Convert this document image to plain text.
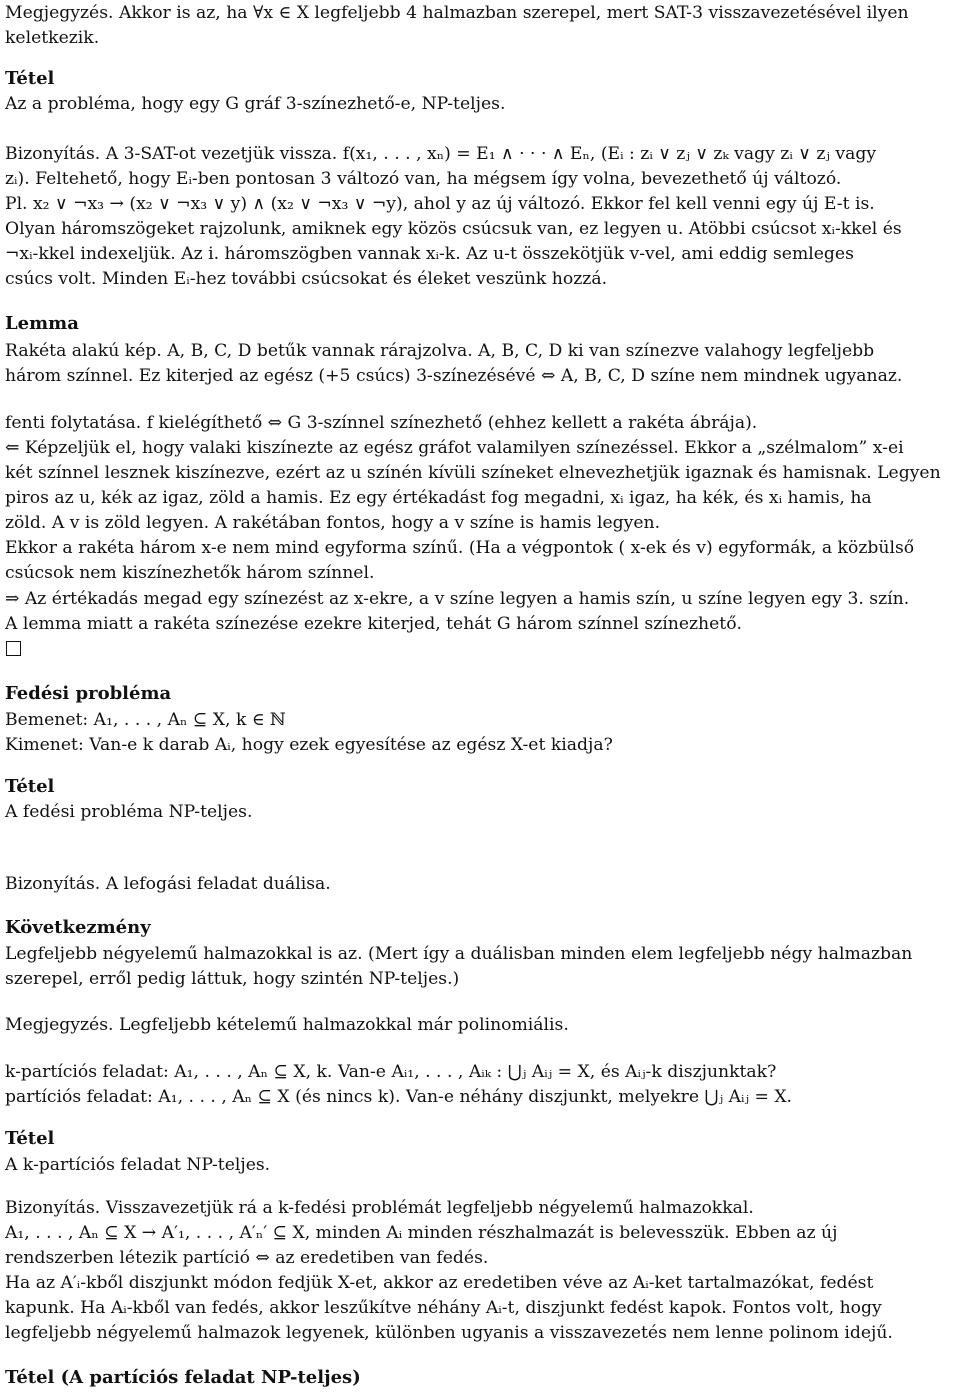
Megjegyzés. Akkor is az, ha ∀x ∈ X legfeljebb 4 halmazban szerepel, mert SAT-3 visszavezetésével ilyen
keletkezik.
Tétel
Az a probléma, hogy egy G gráf 3-színezhető-e, NP-teljes.
Bizonyítás. A 3-SAT-ot vezetjük vissza. f(x₁, . . . , xₙ) = E₁ ∧ · · · ∧ Eₙ, (Eᵢ : zᵢ ∨ zⱼ ∨ zₖ vagy zᵢ ∨ zⱼ vagy
zᵢ). Feltehető, hogy Eᵢ-ben pontosan 3 változó van, ha mégsem így volna, bevezethető új változó.
Pl. x₂ ∨ ¬x₃ → (x₂ ∨ ¬x₃ ∨ y) ∧ (x₂ ∨ ¬x₃ ∨ ¬y), ahol y az új változó. Ekkor fel kell venni egy új E-t is.
Olyan háromszögeket rajzolunk, amiknek egy közös csúcsuk van, ez legyen u. Atöbbi csúcsot xᵢ-kkel és
¬xᵢ-kkel indexeljük. Az i. háromszögben vannak xᵢ-k. Az u-t összekötjük v-vel, ami eddig semleges
csúcs volt. Minden Eᵢ-hez további csúcsokat és éleket veszünk hozzá.
Lemma
Rakéta alakú kép. A, B, C, D betűk vannak rárajzolva. A, B, C, D ki van színezve valahogy legfeljebb
három színnel. Ez kiterjed az egész (+5 csúcs) 3-színezésévé ⇔ A, B, C, D színe nem mindnek ugyanaz.
fenti folytatása. f kielégíthető ⇔ G 3-színnel színezhető (ehhez kellett a rakéta ábrája).
⇐ Képzeljük el, hogy valaki kiszínezte az egész gráfot valamilyen színezéssel. Ekkor a „szélmalom” x-ei
két színnel lesznek kiszínezve, ezért az u színén kívüli színeket elnevezhetjük igaznak és hamisnak. Legyen
piros az u, kék az igaz, zöld a hamis. Ez egy értékadást fog megadni, xᵢ igaz, ha kék, és xᵢ hamis, ha
zöld. A v is zöld legyen. A rakétában fontos, hogy a v színe is hamis legyen.
Ekkor a rakéta három x-e nem mind egyforma színű. (Ha a végpontok ( x-ek és v) egyformák, a közbülső
csúcsok nem kiszínezhetők három színnel.
⇒ Az értékadás megad egy színezést az x-ekre, a v színe legyen a hamis szín, u színe legyen egy 3. szín.
A lemma miatt a rakéta színezése ezekre kiterjed, tehát G három színnel színezhető.
Fedési probléma
Bemenet: A₁, . . . , Aₙ ⊆ X, k ∈ ℕ
Kimenet: Van-e k darab Aᵢ, hogy ezek egyesítése az egész X-et kiadja?
Tétel
A fedési probléma NP-teljes.
Bizonyítás. A lefogási feladat duálisa.
Következmény
Legfeljebb négyelemű halmazokkal is az. (Mert így a duálisban minden elem legfeljebb négy halmazban
szerepel, erről pedig láttuk, hogy szintén NP-teljes.)
Megjegyzés. Legfeljebb kételemű halmazokkal már polinomiális.
k-partíciós feladat: A₁, . . . , Aₙ ⊆ X, k. Van-e Aᵢ₁, . . . , Aᵢₖ : ⋃ⱼ Aᵢⱼ = X, és Aᵢⱼ-k diszjunktak?
partíciós feladat: A₁, . . . , Aₙ ⊆ X (és nincs k). Van-e néhány diszjunkt, melyekre ⋃ⱼ Aᵢⱼ = X.
Tétel
A k-partíciós feladat NP-teljes.
Bizonyítás. Visszavezetjük rá a k-fedési problémát legfeljebb négyelemű halmazokkal.
A₁, . . . , Aₙ ⊆ X → A′₁, . . . , A′ₙ′ ⊆ X, minden Aᵢ minden részhalmazát is belevesszük. Ebben az új
rendszerben létezik partíció ⇔ az eredetiben van fedés.
Ha az A′ᵢ-kből diszjunkt módon fedjük X-et, akkor az eredetiben véve az Aᵢ-ket tartalmazókat, fedést
kapunk. Ha Aᵢ-kből van fedés, akkor leszűkítve néhány Aᵢ-t, diszjunkt fedést kapok. Fontos volt, hogy
legfeljebb négyelemű halmazok legyenek, különben ugyanis a visszavezetés nem lenne polinom idejű.
Tétel (A partíciós feladat NP-teljes)
